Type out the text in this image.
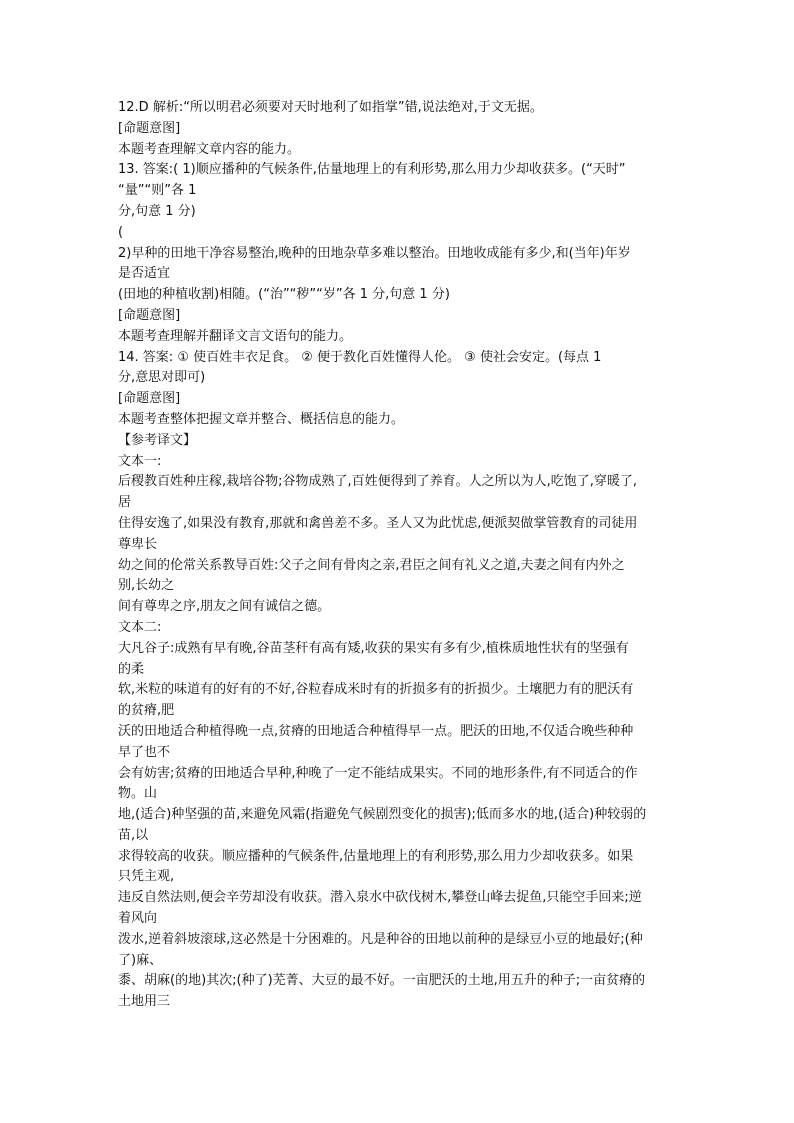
12.D 解析:“所以明君必须要对天时地利了如指掌”错,说法绝对,于文无据。

[命题意图]

本题考查理解文章内容的能力。

13. 答案:( 1)顺应播种的气候条件,估量地理上的有利形势,那么用力少却收获多。(“天时”

“量”“则”各 1

分,句意 1 分)

(

2)早种的田地干净容易整治,晚种的田地杂草多难以整治。田地收成能有多少,和(当年)年岁

是否适宜

(田地的种植收割)相随。(“治”“秽”“岁”各 1 分,句意 1 分)

[命题意图]

本题考查理解并翻译文言文语句的能力。

14. 答案: ① 使百姓丰衣足食。 ② 便于教化百姓懂得人伦。 ③ 使社会安定。(每点 1

分,意思对即可)

[命题意图]

本题考查整体把握文章并整合、概括信息的能力。

【参考译文】

文本一:

后稷教百姓种庄稼,栽培谷物;谷物成熟了,百姓便得到了养育。人之所以为人,吃饱了,穿暖了,

居

住得安逸了,如果没有教育,那就和禽兽差不多。圣人又为此忧虑,便派契做掌管教育的司徒用

尊卑长

幼之间的伦常关系教导百姓:父子之间有骨肉之亲,君臣之间有礼义之道,夫妻之间有内外之

别,长幼之

间有尊卑之序,朋友之间有诚信之德。

文本二:

大凡谷子:成熟有早有晚,谷苗茎秆有高有矮,收获的果实有多有少,植株质地性状有的坚强有

的柔

软,米粒的味道有的好有的不好,谷粒舂成米时有的折损多有的折损少。土壤肥力有的肥沃有

的贫瘠,肥

沃的田地适合种植得晚一点,贫瘠的田地适合种植得早一点。肥沃的田地,不仅适合晚些种种

早了也不

会有妨害;贫瘠的田地适合早种,种晚了一定不能结成果实。不同的地形条件,有不同适合的作

物。山

地,(适合)种坚强的苗,来避免风霜(指避免气候剧烈变化的损害);低而多水的地,(适合)种较弱的

苗,以

求得较高的收获。顺应播种的气候条件,估量地理上的有利形势,那么用力少却收获多。如果

只凭主观,

违反自然法则,便会辛劳却没有收获。潜入泉水中砍伐树木,攀登山峰去捉鱼,只能空手回来;逆

着风向

泼水,逆着斜坡滚球,这必然是十分困难的。凡是种谷的田地以前种的是绿豆小豆的地最好;(种

了)麻、

黍、胡麻(的地)其次;(种了)芜菁、大豆的最不好。一亩肥沃的土地,用五升的种子;一亩贫瘠的

土地用三
